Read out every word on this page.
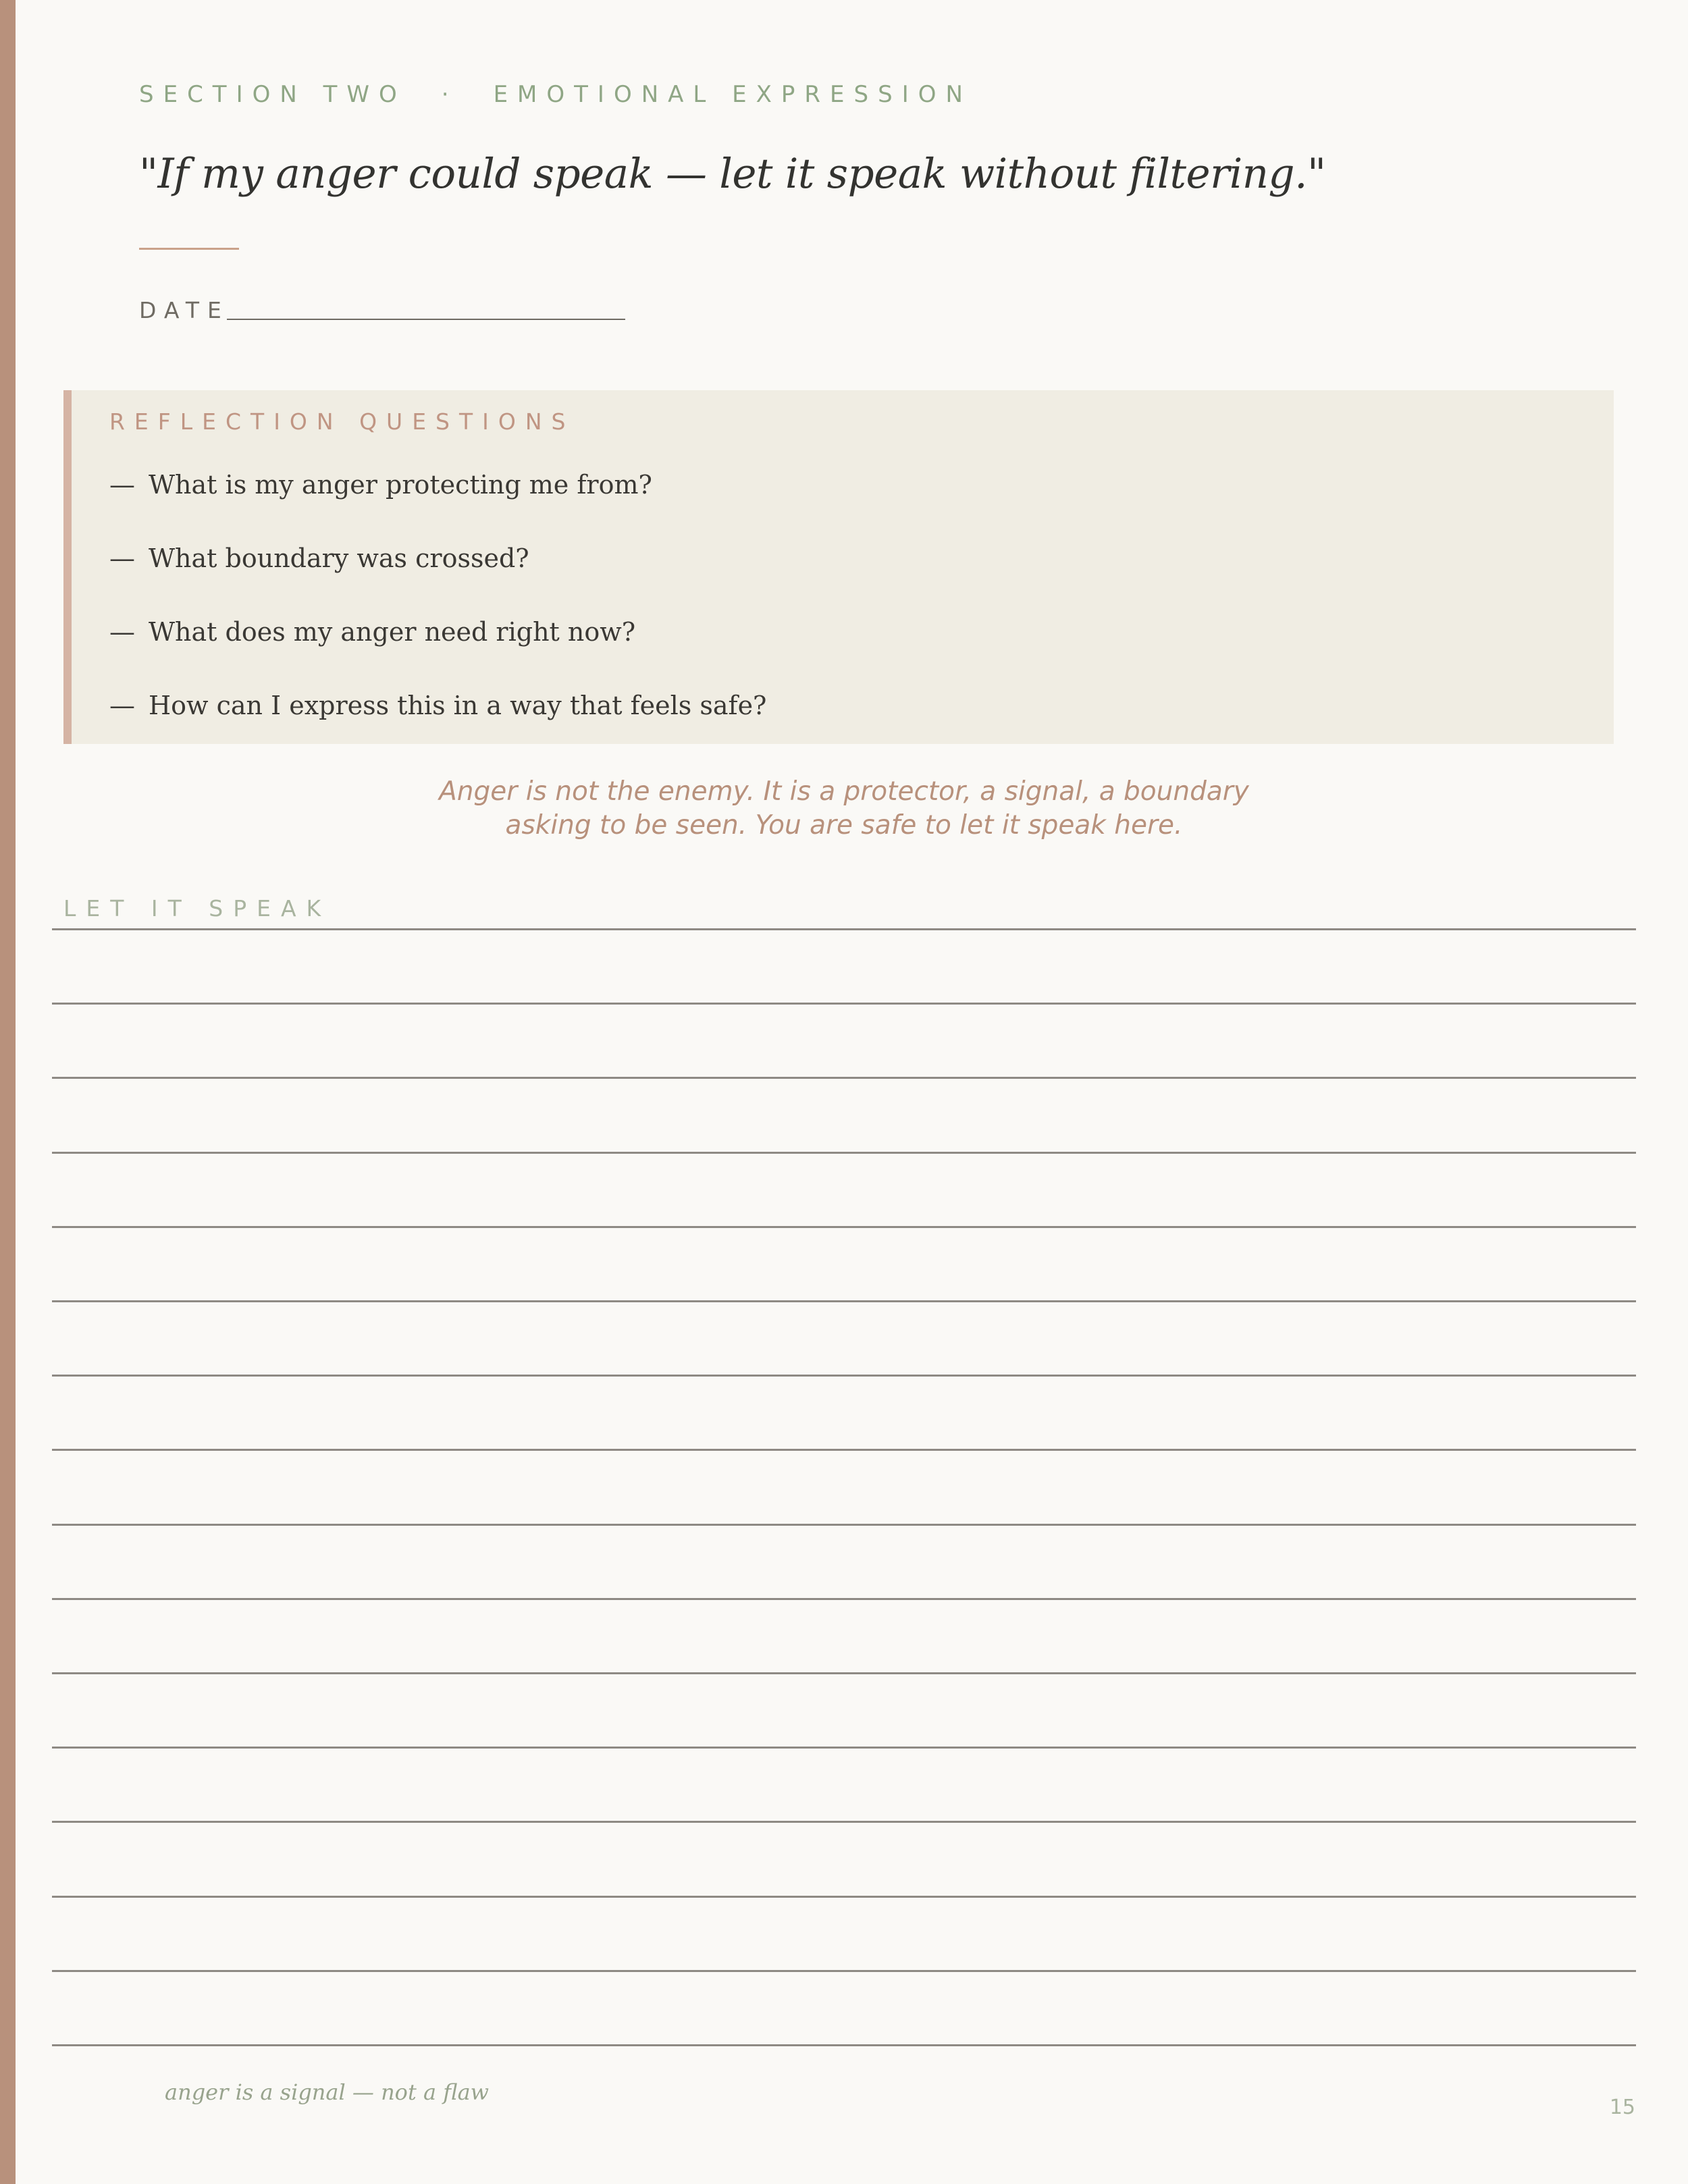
SECTION TWO · EMOTIONAL EXPRESSION
"If my anger could speak — let it speak without filtering."
DATE
REFLECTION QUESTIONS
— What is my anger protecting me from?
— What boundary was crossed?
— What does my anger need right now?
— How can I express this in a way that feels safe?
Anger is not the enemy. It is a protector, a signal, a boundary
asking to be seen. You are safe to let it speak here.
LET IT SPEAK
anger is a signal — not a flaw
15
